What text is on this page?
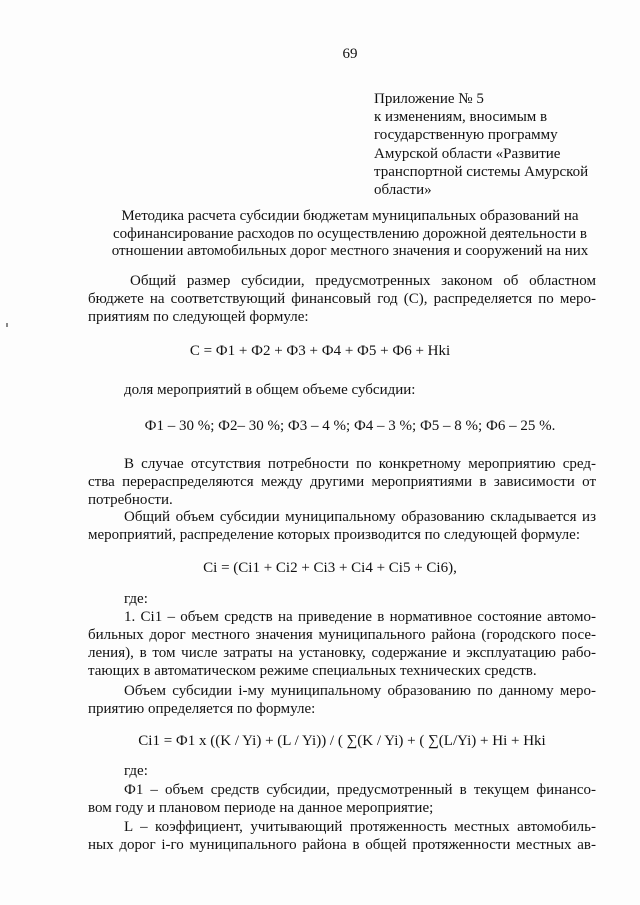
69
Приложение № 5
к изменениям, вносимым в
государственную программу
Амурской области «Развитие
транспортной системы Амурской
области»
Методика расчета субсидии бюджетам муниципальных образований на
софинансирование расходов по осуществлению дорожной деятельности в
отношении автомобильных дорог местного значения и сооружений на них
Общий размер субсидии, предусмотренных законом об областном
бюджете на соответствующий финансовый год (С), распределяется по меро-
приятиям по следующей формуле:
С = Ф1 + Ф2 + Ф3 + Ф4 + Ф5 + Ф6 + Hki
доля мероприятий в общем объеме субсидии:
Ф1 – 30 %; Ф2– 30 %; Ф3 – 4 %; Ф4 – 3 %; Ф5 – 8 %; Ф6 – 25 %.
В случае отсутствия потребности по конкретному мероприятию сред-
ства перераспределяются между другими мероприятиями в зависимости от
потребности.
Общий объем субсидии муниципальному образованию складывается из
мероприятий, распределение которых производится по следующей формуле:
Ci = (Ci1 + Ci2 + Ci3 + Ci4 + Ci5 + Ci6),
где:
1. Ci1 – объем средств на приведение в нормативное состояние автомо-
бильных дорог местного значения муниципального района (городского посе-
ления), в том числе затраты на установку, содержание и эксплуатацию рабо-
тающих в автоматическом режиме специальных технических средств.
Объем субсидии i-му муниципальному образованию по данному меро-
приятию определяется по формуле:
Ci1 = Ф1 x ((K / Yi) + (L / Yi)) / ( ∑(K / Yi) + ( ∑(L/Yi) + Hi + Hki
где:
Ф1 – объем средств субсидии, предусмотренный в текущем финансо-
вом году и плановом периоде на данное мероприятие;
L – коэффициент, учитывающий протяженность местных автомобиль-
ных дорог i-го муниципального района в общей протяженности местных ав-
